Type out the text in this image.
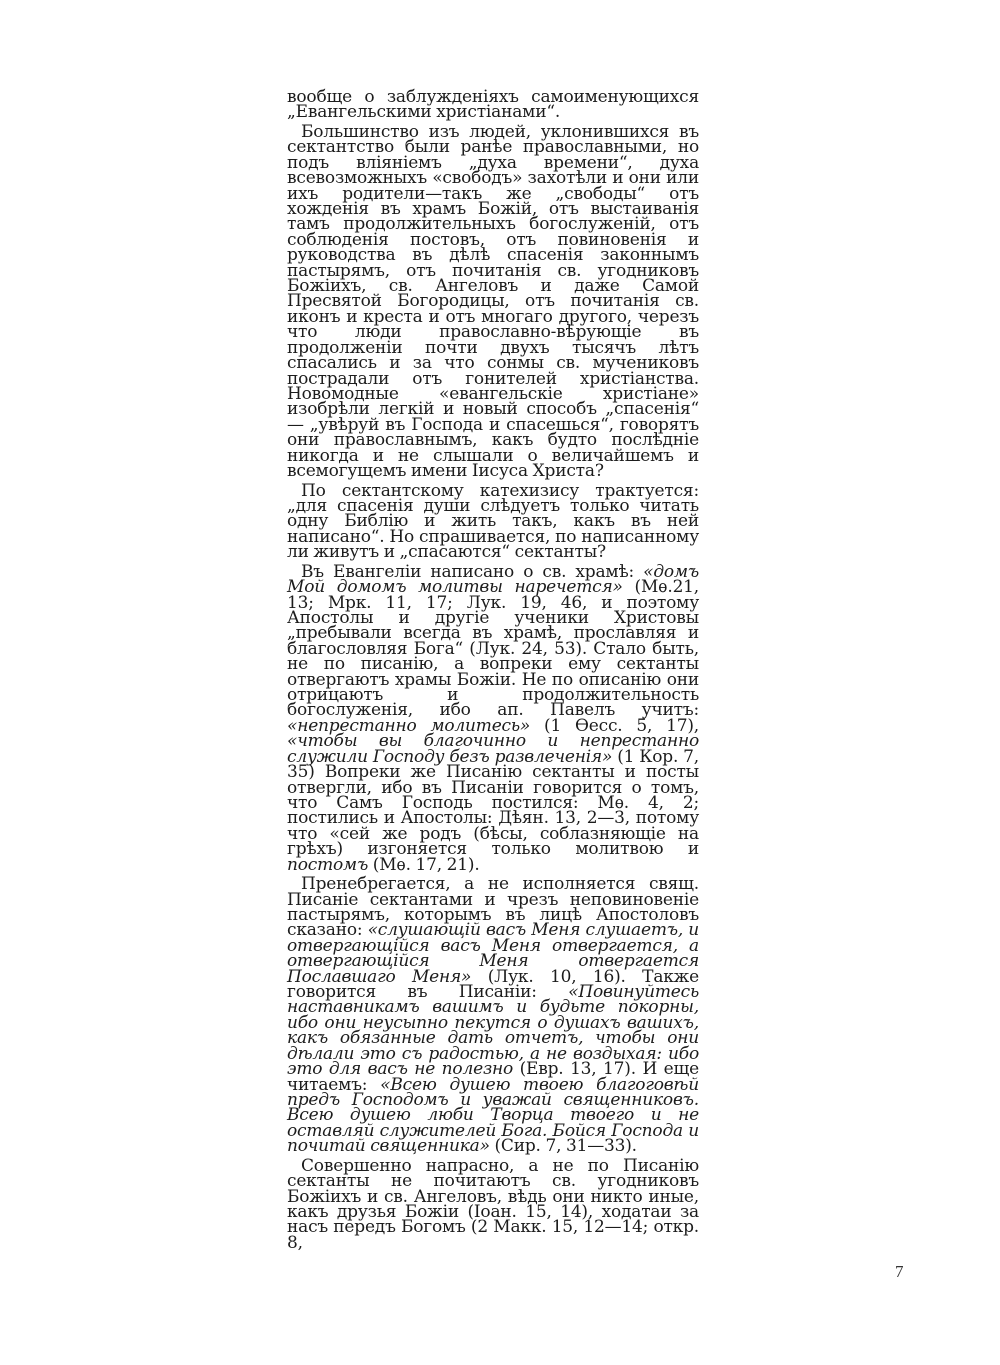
вообще о заблужденiяхъ самоименующихся „Евангельскими христiанами“.

Большинство изъ людей, уклонившихся въ сектантство были ранѣе православными, но подъ влiянiемъ „духа времени“, духа всевозможныхъ «свободъ» захотѣли и они или ихъ родители—такъ же „свободы“ отъ хожденiя въ храмъ Божiй, отъ выстаиванiя тамъ продолжительныхъ богослуженiй, отъ соблюденiя постовъ, отъ повиновенiя и руководства въ дѣлѣ спасенiя законнымъ пастырямъ, отъ почитанiя св. угодниковъ Божiихъ, св. Ангеловъ и даже Самой Пресвятой Богородицы, отъ почитанiя св. иконъ и креста и отъ многаго другого, черезъ что люди православно-вѣрующiе въ продолженiи почти двухъ тысячъ лѣтъ спасались и за что сонмы св. мучениковъ пострадали отъ гонителей христiанства. Новомодные «евангельскiе христiане» изобрѣли легкiй и новый способъ „спасенiя“ — „увѣруй въ Господа и спасешься“, говорятъ они православнымъ, какъ будто послѣднiе никогда и не слышали о величайшемъ и всемогущемъ имени Iисуса Христа?

По сектантскому катехизису трактуется: „для спасенiя души слѣдуетъ только читать одну Библiю и жить такъ, какъ въ ней написано“. Но спрашивается, по написанному ли живутъ и „спасаются“ сектанты?

Въ Евангелiи написано о св. храмѣ: «домъ Мой домомъ молитвы наречется» (Мѳ.21, 13; Мрк. 11, 17; Лук. 19, 46, и поэтому Апостолы и другiе ученики Христовы „пребывали всегда въ храмѣ, прославляя и благословляя Бога“ (Лук. 24, 53). Стало быть, не по писанiю, а вопреки ему сектанты отвергаютъ храмы Божiи. Не по описанiю они отрицаютъ и продолжительность богослуженiя, ибо ап. Павелъ учитъ: «непрестанно молитесь» (1 Ѳесс. 5, 17), «чтобы вы благочинно и непрестанно служили Господу безъ развлеченiя» (1 Кор. 7, 35) Вопреки же Писанiю сектанты и посты отвергли, ибо въ Писанiи говорится о томъ, что Самъ Господь постился: Мѳ. 4, 2; постились и Апостолы: Дѣян. 13, 2—3, потому что «сей же родъ (бѣсы, соблазняющiе на грѣхъ) изгоняется только молитвою и постомъ (Мѳ. 17, 21).

Пренебрегается, а не исполняется свящ. Писанiе сектантами и чрезъ неповиновенiе пастырямъ, которымъ въ лицѣ Апостоловъ сказано: «слушающiй васъ Меня слушаетъ, и отвергающiйся васъ Меня отвергается, а отвергающiйся Меня отвергается Пославшаго Меня» (Лук. 10, 16). Также говорится въ Писанiи: «Повинуйтесь наставникамъ вашимъ и будьте покорны, ибо они неусыпно пекутся о душахъ вашихъ, какъ обязанные дать отчетъ, чтобы они дѣлали это съ радостью, а не воздыхая: ибо это для васъ не полезно (Евр. 13, 17). И еще читаемъ: «Всею душею твоею благоговѣй предъ Господомъ и уважай священниковъ. Всею душею люби Творца твоего и не оставляй служителей Бога. Бойся Господа и почитай священника» (Сир. 7, 31—33).

Совершенно напрасно, а не по Писанiю сектанты не почитаютъ св. угодниковъ Божiихъ и св. Ангеловъ, вѣдь они никто иные, какъ друзья Божiи (Iоан. 15, 14), ходатаи за насъ передъ Богомъ (2 Макк. 15, 12—14; откр. 8,

7
